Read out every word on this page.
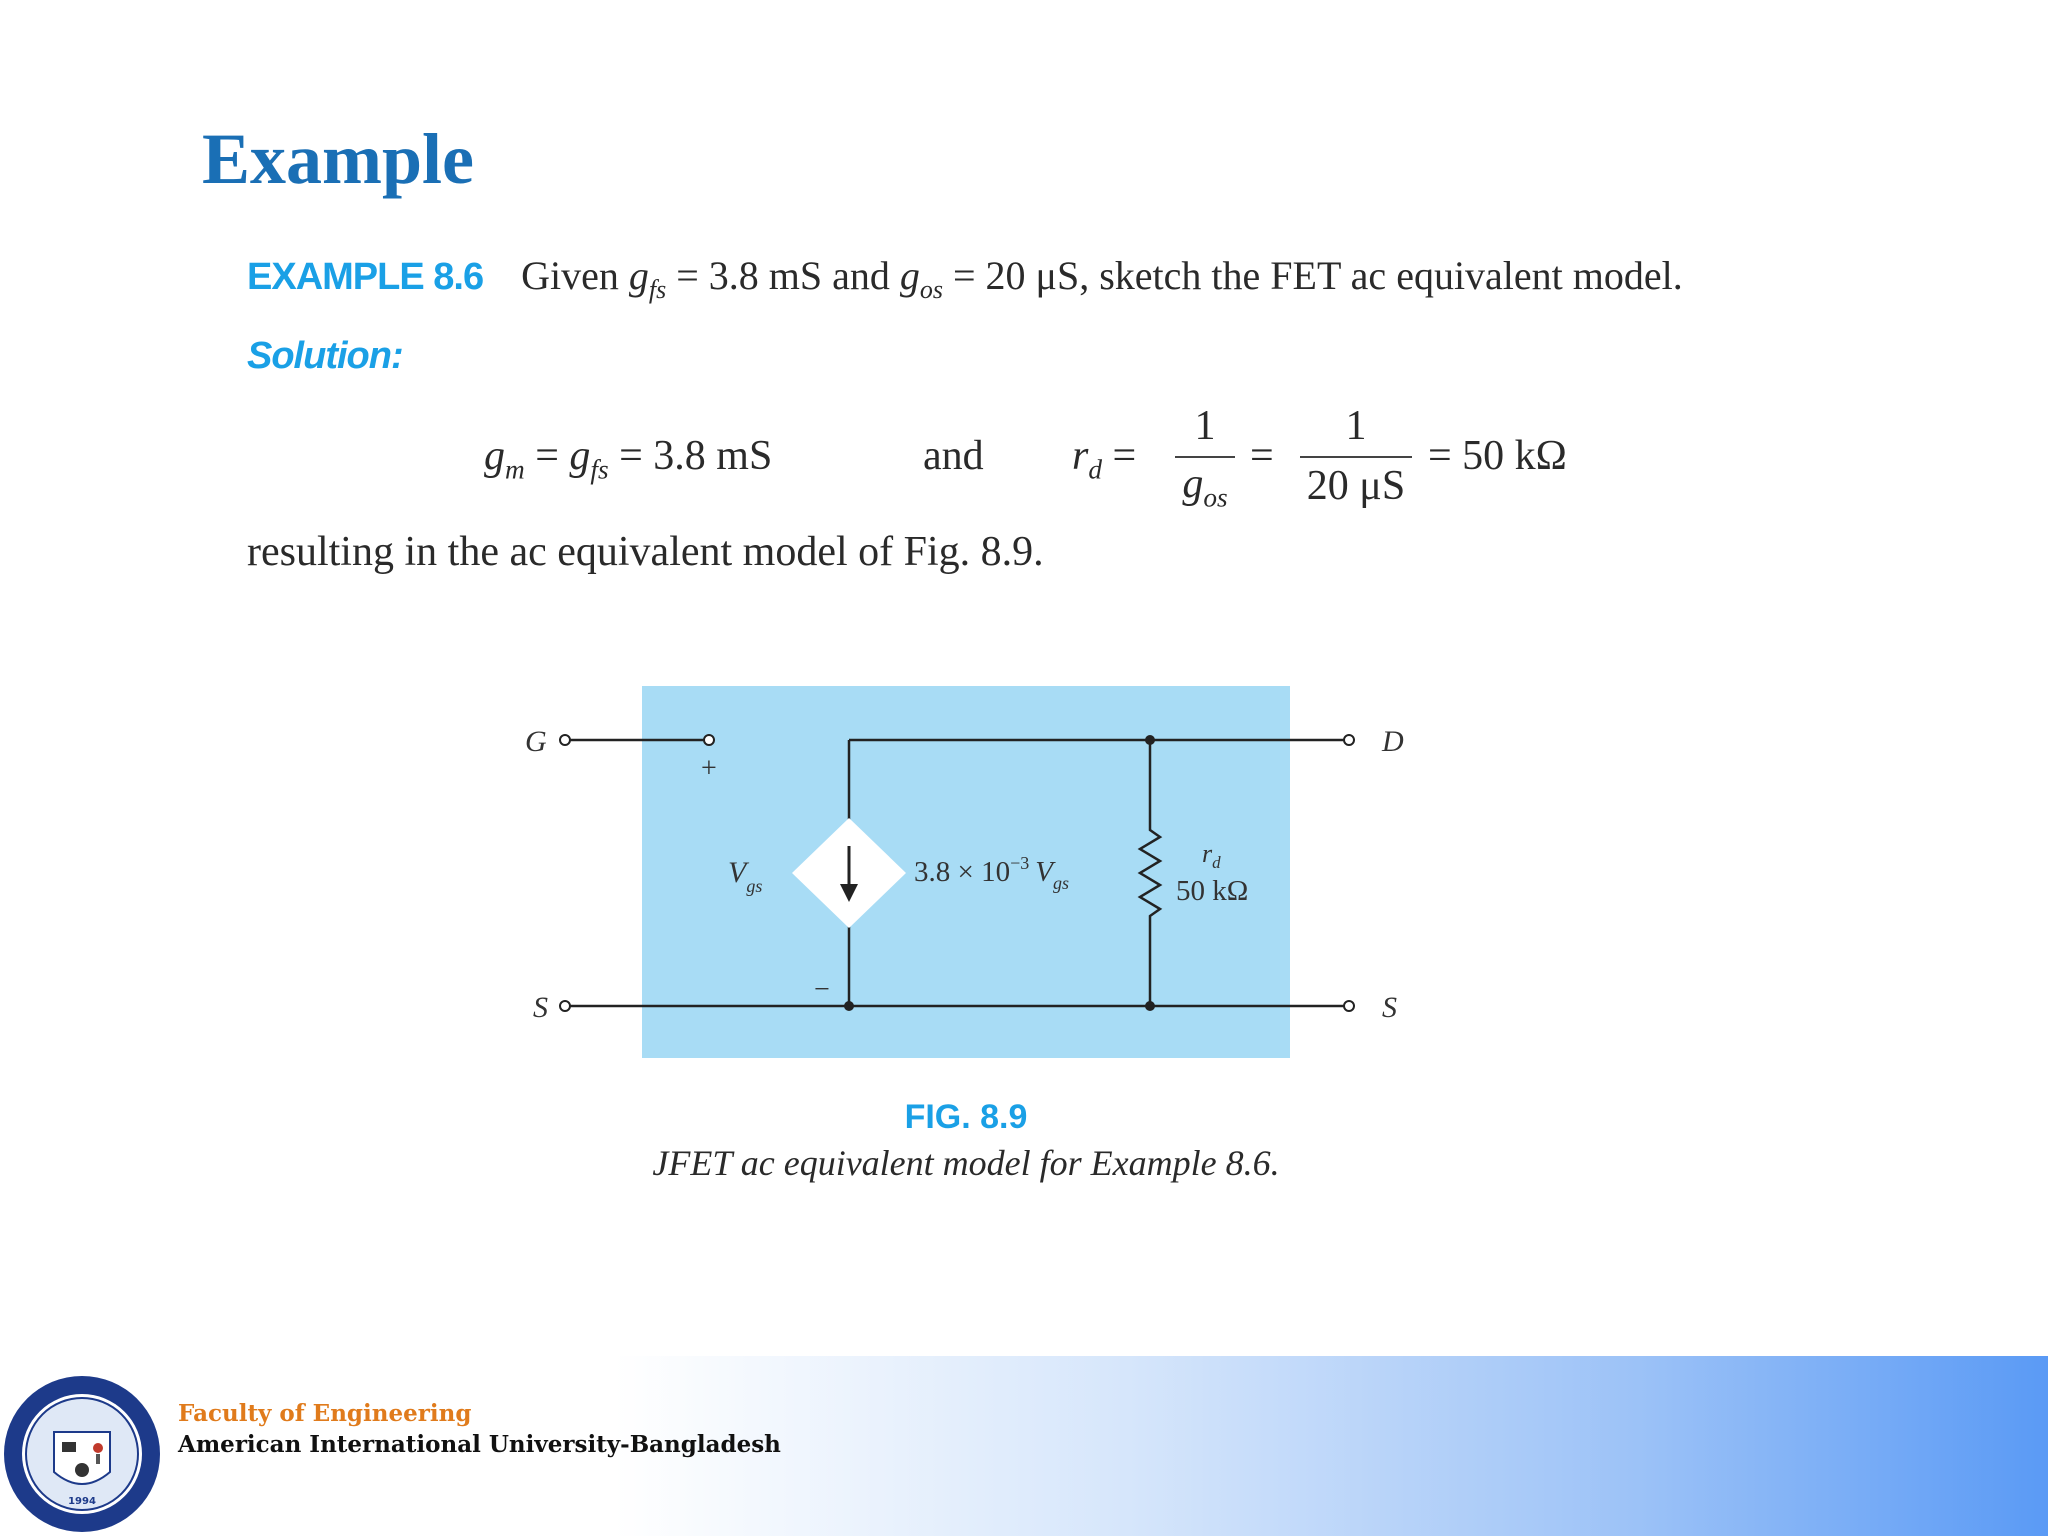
Example
EXAMPLE 8.6 Given $g_{fs} = 3.8$ mS and $g_{os} = 20$ μS, sketch the FET ac equivalent model.
Solution:
$g_m = g_{fs} = 3.8$ mS	and $r_d$ =
1
$g_{os}$
=
1
20 μS
= 50 kΩ
resulting in the ac equivalent model of Fig. 8.9.
G	D
S	S
+
−
$V_{gs}$	$3.8 \times 10^{-3}$ $V_{gs}$
$r_d$
50 kΩ
FIG. 8.9
JFET ac equivalent model for Example 8.6.
1994
Faculty of Engineering
American International University-Bangladesh
